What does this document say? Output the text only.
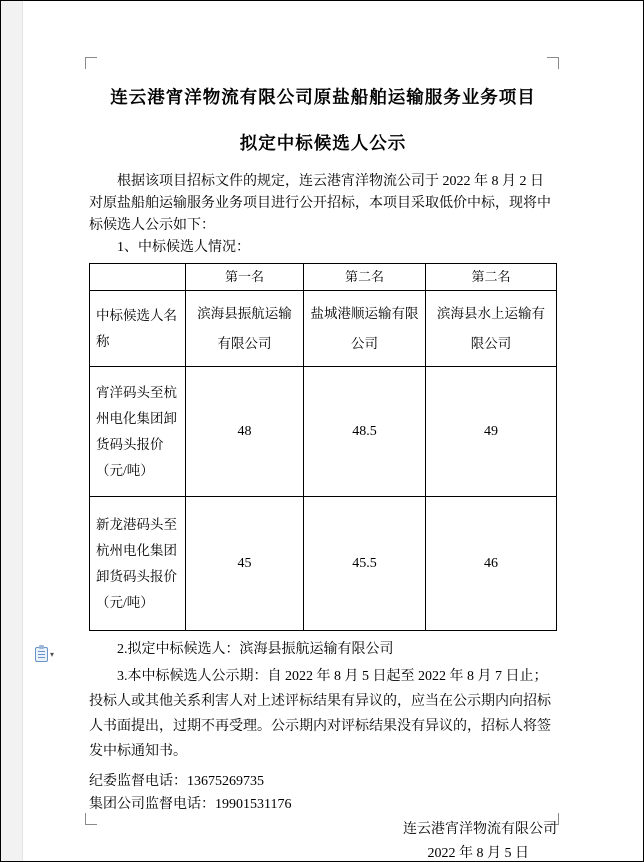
▾
连云港宵洋物流有限公司原盐船舶运输服务业务项目
拟定中标候选人公示
根据该项目招标文件的规定，连云港宵洋物流公司于 2022 年 8 月 2 日对原盐船舶运输服务业务项目进行公开招标，本项目采取低价中标，现将中标候选人公示如下：
1、中标候选人情况：
	第一名	第二名	第二名
中标候选人名称	滨海县振航运输有限公司	盐城港顺运输有限公司	滨海县水上运输有限公司
宵洋码头至杭州电化集团卸货码头报价（元/吨）	48	48.5	49
新龙港码头至杭州电化集团卸货码头报价（元/吨）	45	45.5	46
2.拟定中标候选人：滨海县振航运输有限公司
3.本中标候选人公示期：自 2022 年 8 月 5 日起至 2022 年 8 月 7 日止；投标人或其他关系利害人对上述评标结果有异议的，应当在公示期内向招标人书面提出，过期不再受理。公示期内对评标结果没有异议的，招标人将签发中标通知书。
纪委监督电话：13675269735
集团公司监督电话：19901531176
连云港宵洋物流有限公司
2022 年 8 月 5 日
